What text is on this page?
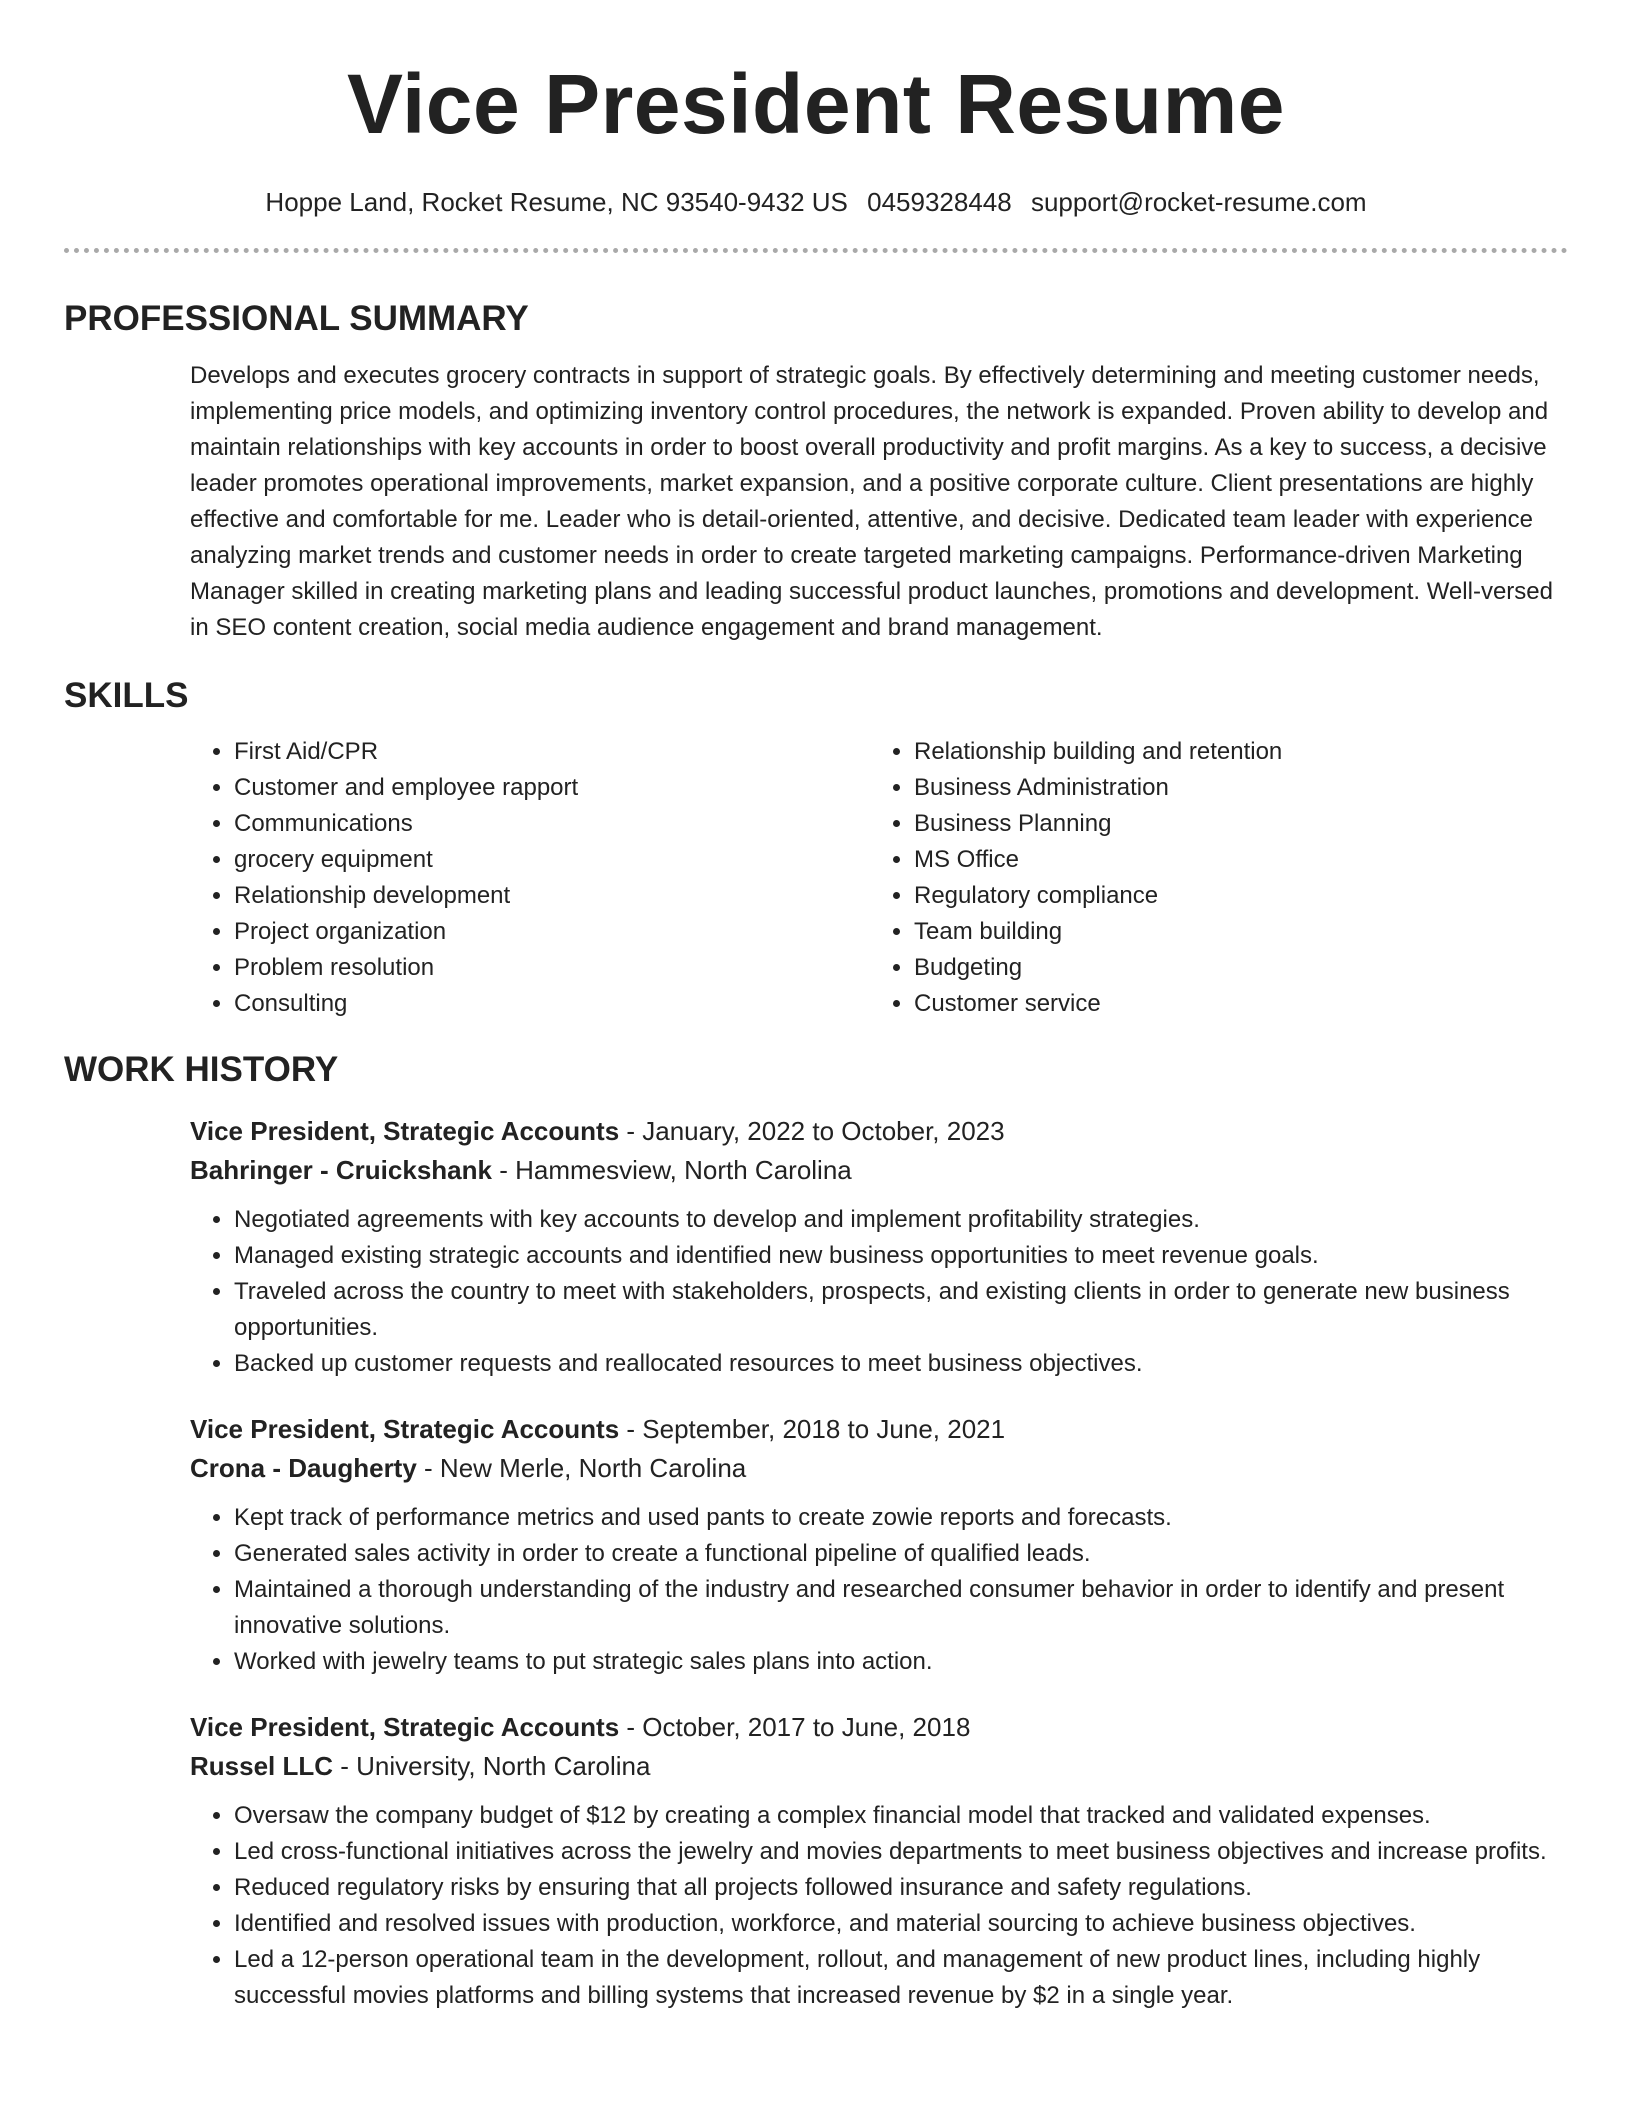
Vice President Resume
Hoppe Land, Rocket Resume, NC 93540-9432 US 0459328448 support@rocket-resume.com
PROFESSIONAL SUMMARY

Develops and executes grocery contracts in support of strategic goals. By effectively determining and meeting customer needs, implementing price models, and optimizing inventory control procedures, the network is expanded. Proven ability to develop and maintain relationships with key accounts in order to boost overall productivity and profit margins. As a key to success, a decisive leader promotes operational improvements, market expansion, and a positive corporate culture. Client presentations are highly effective and comfortable for me. Leader who is detail-oriented, attentive, and decisive. Dedicated team leader with experience analyzing market trends and customer needs in order to create targeted marketing campaigns. Performance-driven Marketing Manager skilled in creating marketing plans and leading successful product launches, promotions and development. Well-versed in SEO content creation, social media audience engagement and brand management.

SKILLS
• First Aid/CPR
• Customer and employee rapport
• Communications
• grocery equipment
• Relationship development
• Project organization
• Problem resolution
• Consulting
• Relationship building and retention
• Business Administration
• Business Planning
• MS Office
• Regulatory compliance
• Team building
• Budgeting
• Customer service
WORK HISTORY
Vice President, Strategic Accounts - January, 2022 to October, 2023
Bahringer - Cruickshank - Hammesview, North Carolina
• Negotiated agreements with key accounts to develop and implement profitability strategies.
• Managed existing strategic accounts and identified new business opportunities to meet revenue goals.
• Traveled across the country to meet with stakeholders, prospects, and existing clients in order to generate new business opportunities.
• Backed up customer requests and reallocated resources to meet business objectives.
Vice President, Strategic Accounts - September, 2018 to June, 2021
Crona - Daugherty - New Merle, North Carolina
• Kept track of performance metrics and used pants to create zowie reports and forecasts.
• Generated sales activity in order to create a functional pipeline of qualified leads.
• Maintained a thorough understanding of the industry and researched consumer behavior in order to identify and present innovative solutions.
• Worked with jewelry teams to put strategic sales plans into action.
Vice President, Strategic Accounts - October, 2017 to June, 2018
Russel LLC - University, North Carolina
• Oversaw the company budget of $12 by creating a complex financial model that tracked and validated expenses.
• Led cross-functional initiatives across the jewelry and movies departments to meet business objectives and increase profits.
• Reduced regulatory risks by ensuring that all projects followed insurance and safety regulations.
• Identified and resolved issues with production, workforce, and material sourcing to achieve business objectives.
• Led a 12-person operational team in the development, rollout, and management of new product lines, including highly successful movies platforms and billing systems that increased revenue by $2 in a single year.
